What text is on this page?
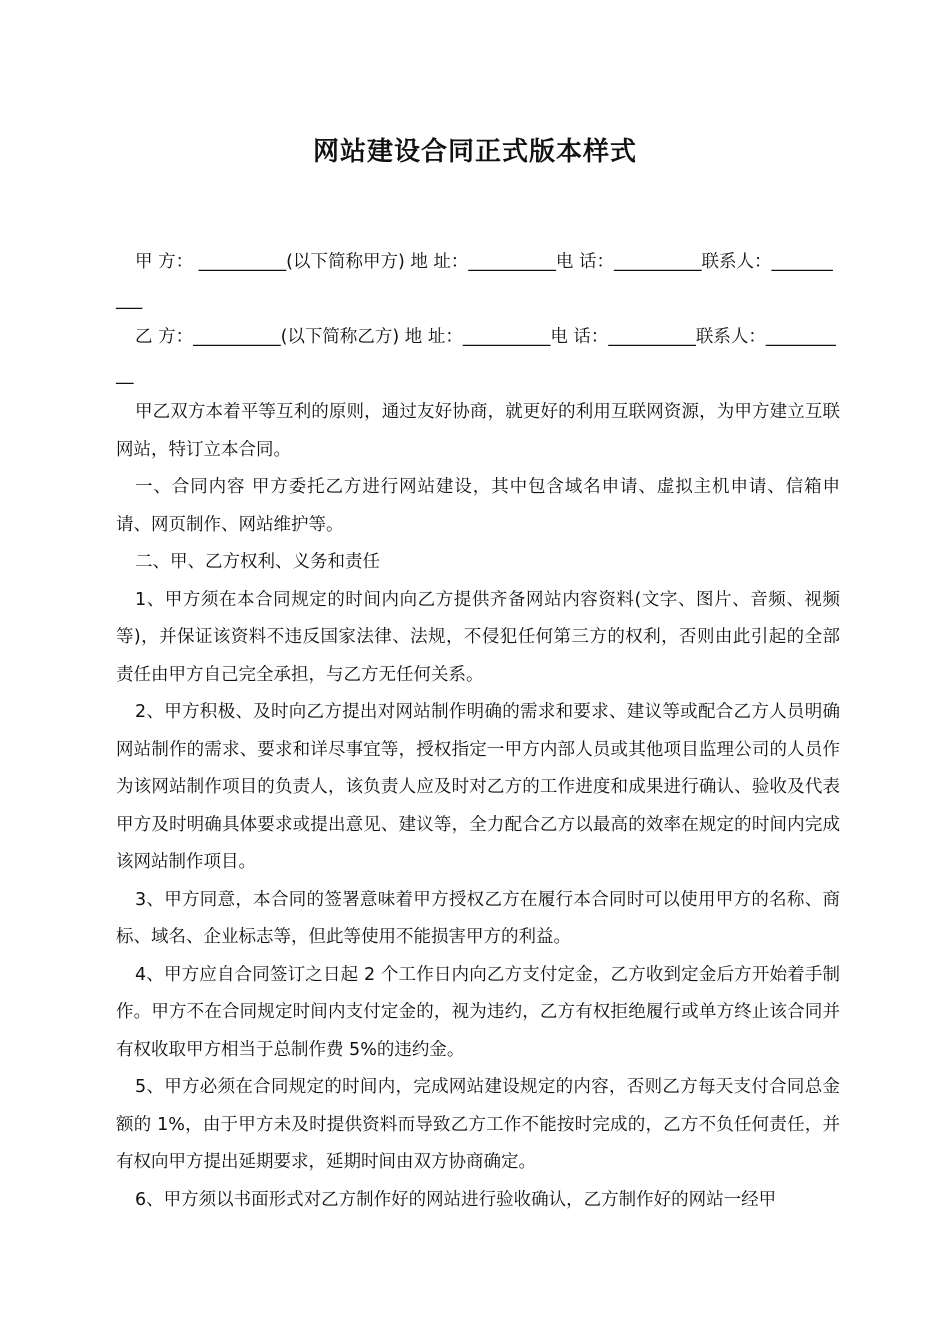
网站建设合同正式版本样式

甲 方： __________(以下简称甲方) 地 址：__________电 话：__________联系人：__________

乙 方：__________(以下简称乙方) 地 址：__________电 话：__________联系人：__________

甲乙双方本着平等互利的原则，通过友好协商，就更好的利用互联网资源，为甲方建立互联网站，特订立本合同。

一、合同内容 甲方委托乙方进行网站建设，其中包含域名申请、虚拟主机申请、信箱申请、网页制作、网站维护等。

二、甲、乙方权利、义务和责任

1、甲方须在本合同规定的时间内向乙方提供齐备网站内容资料(文字、图片、音频、视频等)，并保证该资料不违反国家法律、法规，不侵犯任何第三方的权利，否则由此引起的全部责任由甲方自己完全承担，与乙方无任何关系。

2、甲方积极、及时向乙方提出对网站制作明确的需求和要求、建议等或配合乙方人员明确网站制作的需求、要求和详尽事宜等，授权指定一甲方内部人员或其他项目监理公司的人员作为该网站制作项目的负责人，该负责人应及时对乙方的工作进度和成果进行确认、验收及代表甲方及时明确具体要求或提出意见、建议等，全力配合乙方以最高的效率在规定的时间内完成该网站制作项目。

3、甲方同意，本合同的签署意味着甲方授权乙方在履行本合同时可以使用甲方的名称、商标、域名、企业标志等，但此等使用不能损害甲方的利益。

4、甲方应自合同签订之日起 2 个工作日内向乙方支付定金，乙方收到定金后方开始着手制作。甲方不在合同规定时间内支付定金的，视为违约，乙方有权拒绝履行或单方终止该合同并有权收取甲方相当于总制作费 5%的违约金。

5、甲方必须在合同规定的时间内，完成网站建设规定的内容，否则乙方每天支付合同总金额的 1%，由于甲方未及时提供资料而导致乙方工作不能按时完成的，乙方不负任何责任，并有权向甲方提出延期要求，延期时间由双方协商确定。

6、甲方须以书面形式对乙方制作好的网站进行验收确认，乙方制作好的网站一经甲
